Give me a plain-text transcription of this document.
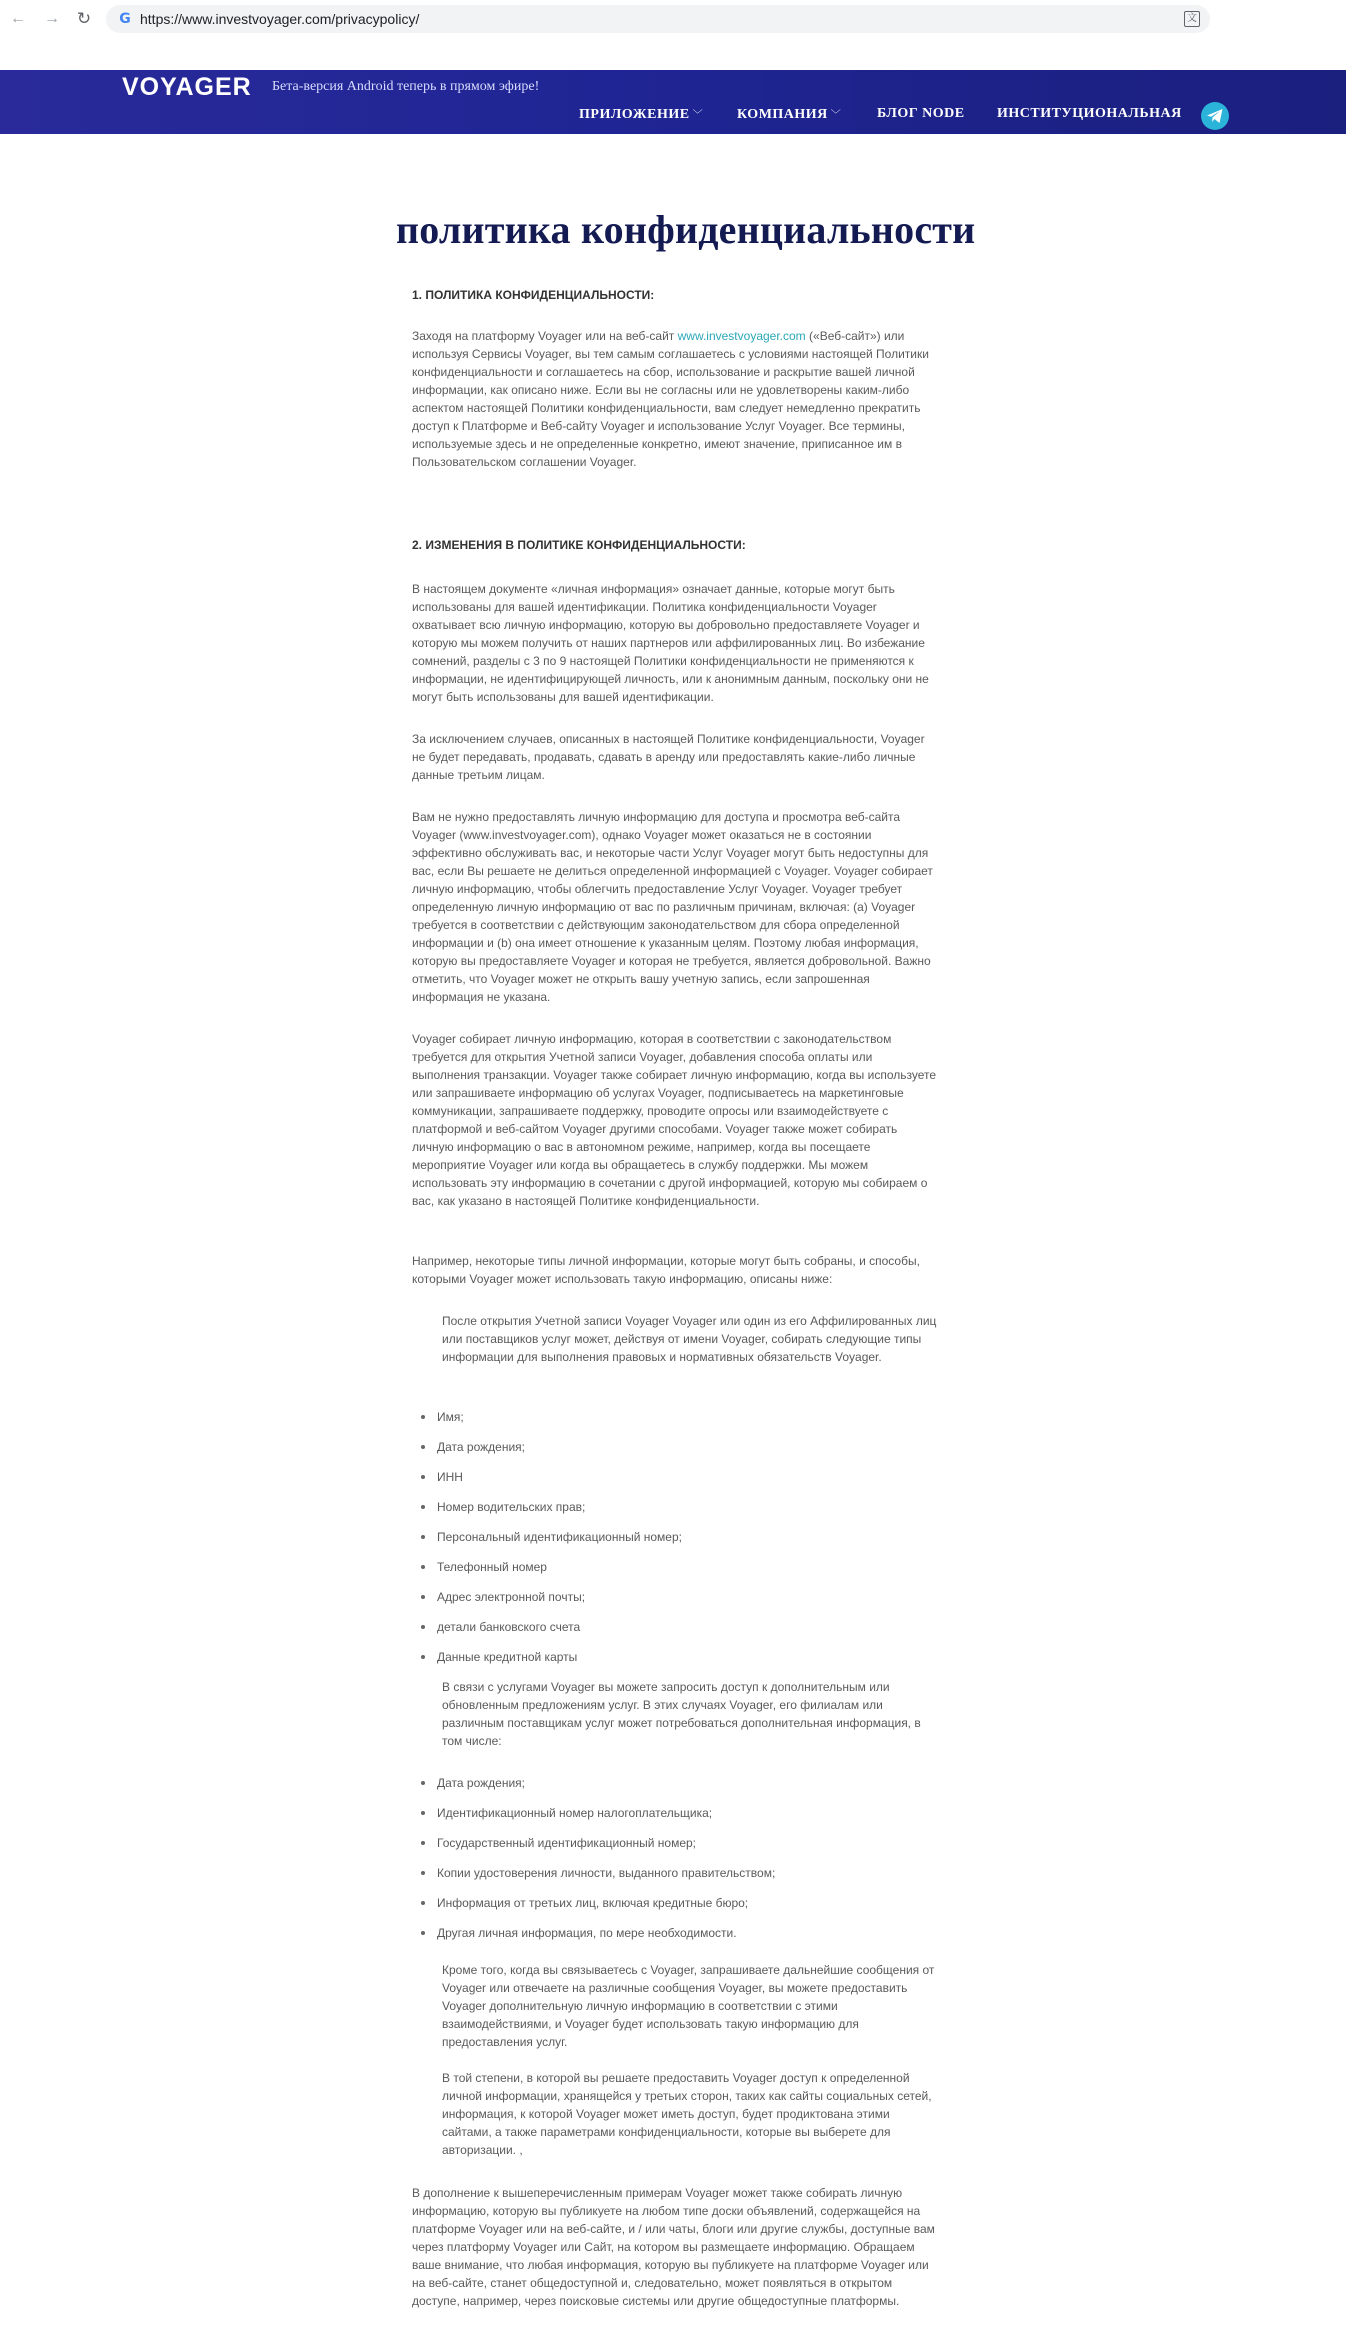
← → ↻ G https://www.investvoyager.com/privacypolicy/	文
VOYAGER Бета-версия Android теперь в прямом эфире!
ПРИЛОЖЕНИЕ ﹀ КОМПАНИЯ ﹀	БЛОГ NODE ИНСТИТУЦИОНАЛЬНАЯ
политика конфиденциальности
1. ПОЛИТИКА КОНФИДЕНЦИАЛЬНОСТИ:
Заходя на платформу Voyager или на веб-сайт www.investvoyager.com («Веб-сайт») или используя Сервисы Voyager, вы тем самым соглашаетесь с условиями настоящей Политики конфиденциальности и соглашаетесь на сбор, использование и раскрытие вашей личной информации, как описано ниже. Если вы не согласны или не удовлетворены каким-либо аспектом настоящей Политики конфиденциальности, вам следует немедленно прекратить доступ к Платформе и Веб-сайту Voyager и использование Услуг Voyager. Все термины, используемые здесь и не определенные конкретно, имеют значение, приписанное им в Пользовательском соглашении Voyager.
2. ИЗМЕНЕНИЯ В ПОЛИТИКЕ КОНФИДЕНЦИАЛЬНОСТИ:
В настоящем документе «личная информация» означает данные, которые могут быть использованы для вашей идентификации. Политика конфиденциальности Voyager охватывает всю личную информацию, которую вы добровольно предоставляете Voyager и которую мы можем получить от наших партнеров или аффилированных лиц. Во избежание сомнений, разделы с 3 по 9 настоящей Политики конфиденциальности не применяются к информации, не идентифицирующей личность, или к анонимным данным, поскольку они не могут быть использованы для вашей идентификации.
За исключением случаев, описанных в настоящей Политике конфиденциальности, Voyager не будет передавать, продавать, сдавать в аренду или предоставлять какие-либо личные данные третьим лицам.
Вам не нужно предоставлять личную информацию для доступа и просмотра веб-сайта Voyager (www.investvoyager.com), однако Voyager может оказаться не в состоянии эффективно обслуживать вас, и некоторые части Услуг Voyager могут быть недоступны для вас, если Вы решаете не делиться определенной информацией с Voyager. Voyager собирает личную информацию, чтобы облегчить предоставление Услуг Voyager. Voyager требует определенную личную информацию от вас по различным причинам, включая: (a) Voyager требуется в соответствии с действующим законодательством для сбора определенной информации и (b) она имеет отношение к указанным целям. Поэтому любая информация, которую вы предоставляете Voyager и которая не требуется, является добровольной. Важно отметить, что Voyager может не открыть вашу учетную запись, если запрошенная информация не указана.
Voyager собирает личную информацию, которая в соответствии с законодательством требуется для открытия Учетной записи Voyager, добавления способа оплаты или выполнения транзакции. Voyager также собирает личную информацию, когда вы используете или запрашиваете информацию об услугах Voyager, подписываетесь на маркетинговые коммуникации, запрашиваете поддержку, проводите опросы или взаимодействуете с платформой и веб-сайтом Voyager другими способами. Voyager также может собирать личную информацию о вас в автономном режиме, например, когда вы посещаете мероприятие Voyager или когда вы обращаетесь в службу поддержки. Мы можем использовать эту информацию в сочетании с другой информацией, которую мы собираем о вас, как указано в настоящей Политике конфиденциальности.
Например, некоторые типы личной информации, которые могут быть собраны, и способы, которыми Voyager может использовать такую информацию, описаны ниже:
После открытия Учетной записи Voyager Voyager или один из его Аффилированных лиц или поставщиков услуг может, действуя от имени Voyager, собирать следующие типы информации для выполнения правовых и нормативных обязательств Voyager.
Имя;
Дата рождения;
ИНН
Номер водительских прав;
Персональный идентификационный номер;
Телефонный номер
Адрес электронной почты;
детали банковского счета
Данные кредитной карты
В связи с услугами Voyager вы можете запросить доступ к дополнительным или обновленным предложениям услуг. В этих случаях Voyager, его филиалам или различным поставщикам услуг может потребоваться дополнительная информация, в том числе:
Дата рождения;
Идентификационный номер налогоплательщика;
Государственный идентификационный номер;
Копии удостоверения личности, выданного правительством;
Информация от третьих лиц, включая кредитные бюро;
Другая личная информация, по мере необходимости.
Кроме того, когда вы связываетесь с Voyager, запрашиваете дальнейшие сообщения от Voyager или отвечаете на различные сообщения Voyager, вы можете предоставить Voyager дополнительную личную информацию в соответствии с этими взаимодействиями, и Voyager будет использовать такую информацию для предоставления услуг.
В той степени, в которой вы решаете предоставить Voyager доступ к определенной личной информации, хранящейся у третьих сторон, таких как сайты социальных сетей, информация, к которой Voyager может иметь доступ, будет продиктована этими сайтами, а также параметрами конфиденциальности, которые вы выберете для авторизации. ,
В дополнение к вышеперечисленным примерам Voyager может также собирать личную информацию, которую вы публикуете на любом типе доски объявлений, содержащейся на платформе Voyager или на веб-сайте, и / или чаты, блоги или другие службы, доступные вам через платформу Voyager или Сайт, на котором вы размещаете информацию. Обращаем ваше внимание, что любая информация, которую вы публикуете на платформе Voyager или на веб-сайте, станет общедоступной и, следовательно, может появляться в открытом доступе, например, через поисковые системы или другие общедоступные платформы.
